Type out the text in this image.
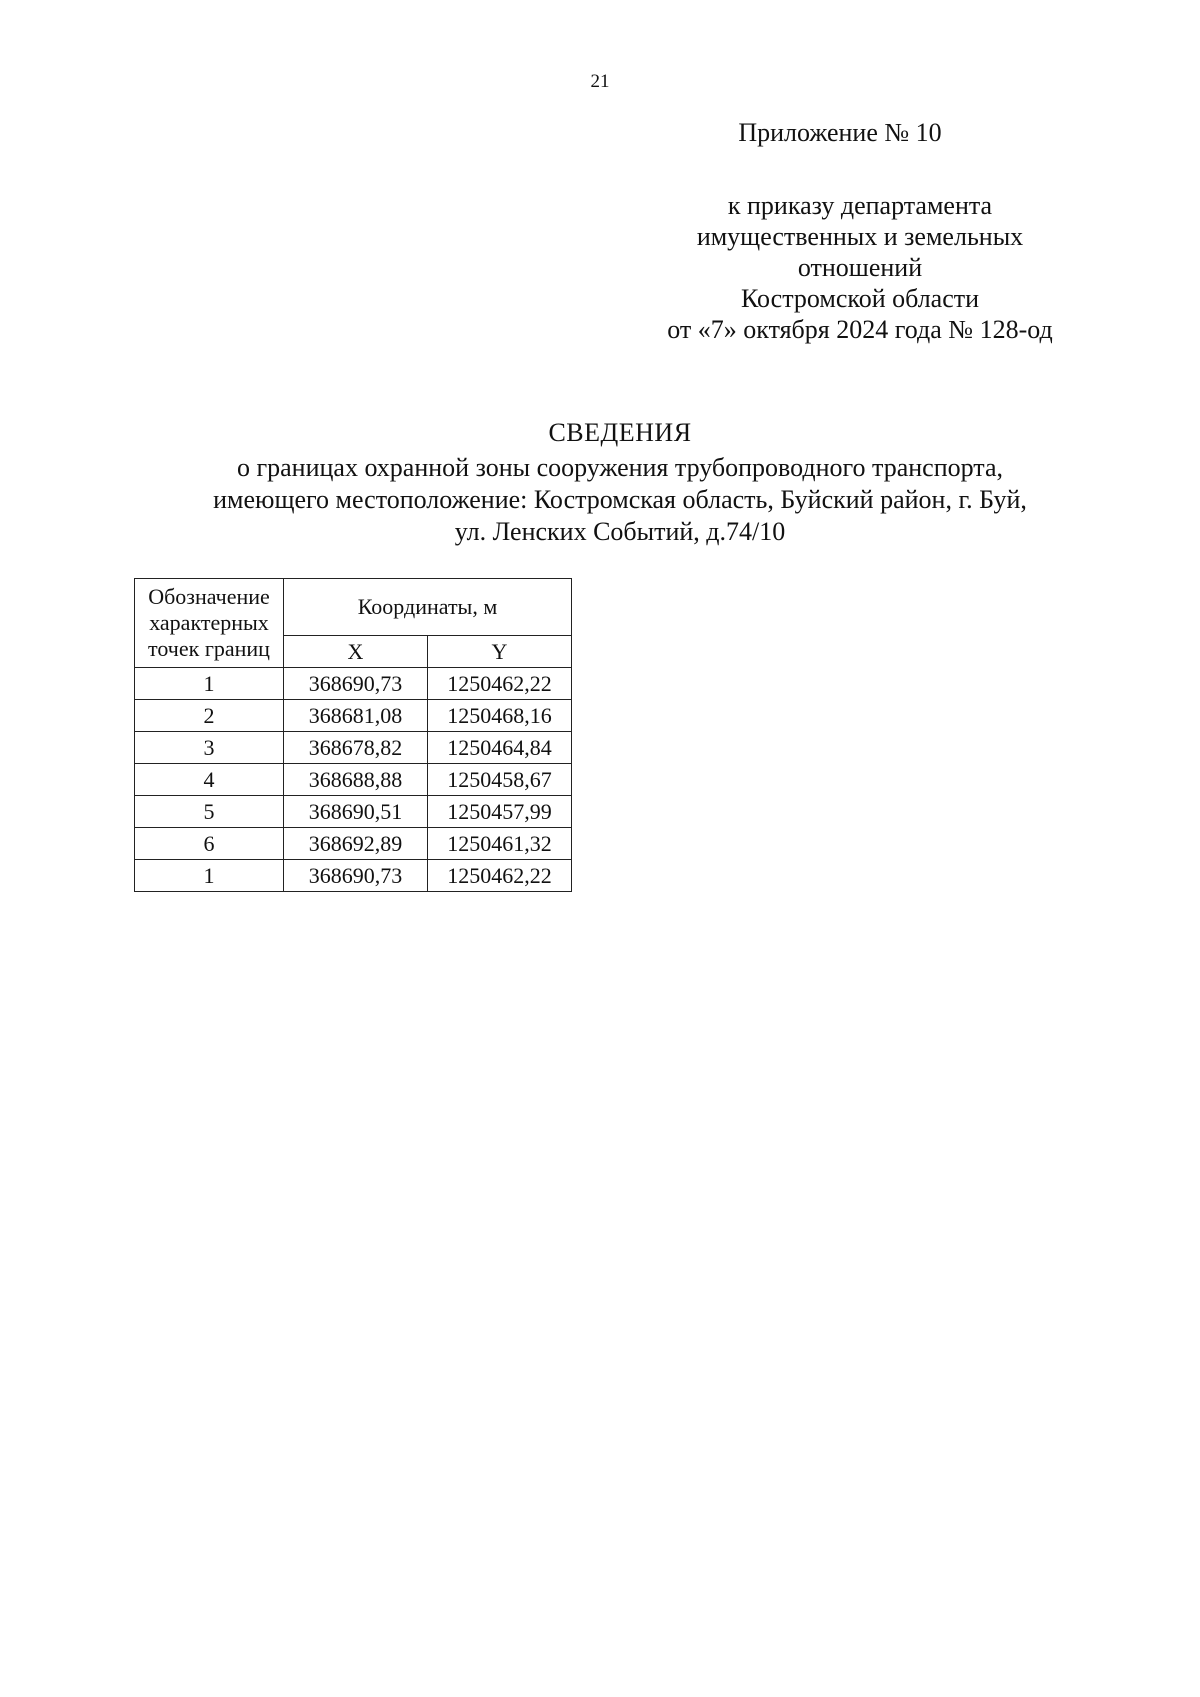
21
Приложение № 10
к приказу департамента
имущественных и земельных
отношений
Костромской области
от «7» октября 2024 года № 128-од
СВЕДЕНИЯ
о границах охранной зоны сооружения трубопроводного транспорта,
имеющего местоположение: Костромская область, Буйский район, г. Буй,
ул. Ленских Событий, д.74/10
Обозначение
характерных
точек границ	Координаты, м	
	X	Y
1	368690,73	1250462,22
2	368681,08	1250468,16
3	368678,82	1250464,84
4	368688,88	1250458,67
5	368690,51	1250457,99
6	368692,89	1250461,32
1	368690,73	1250462,22
